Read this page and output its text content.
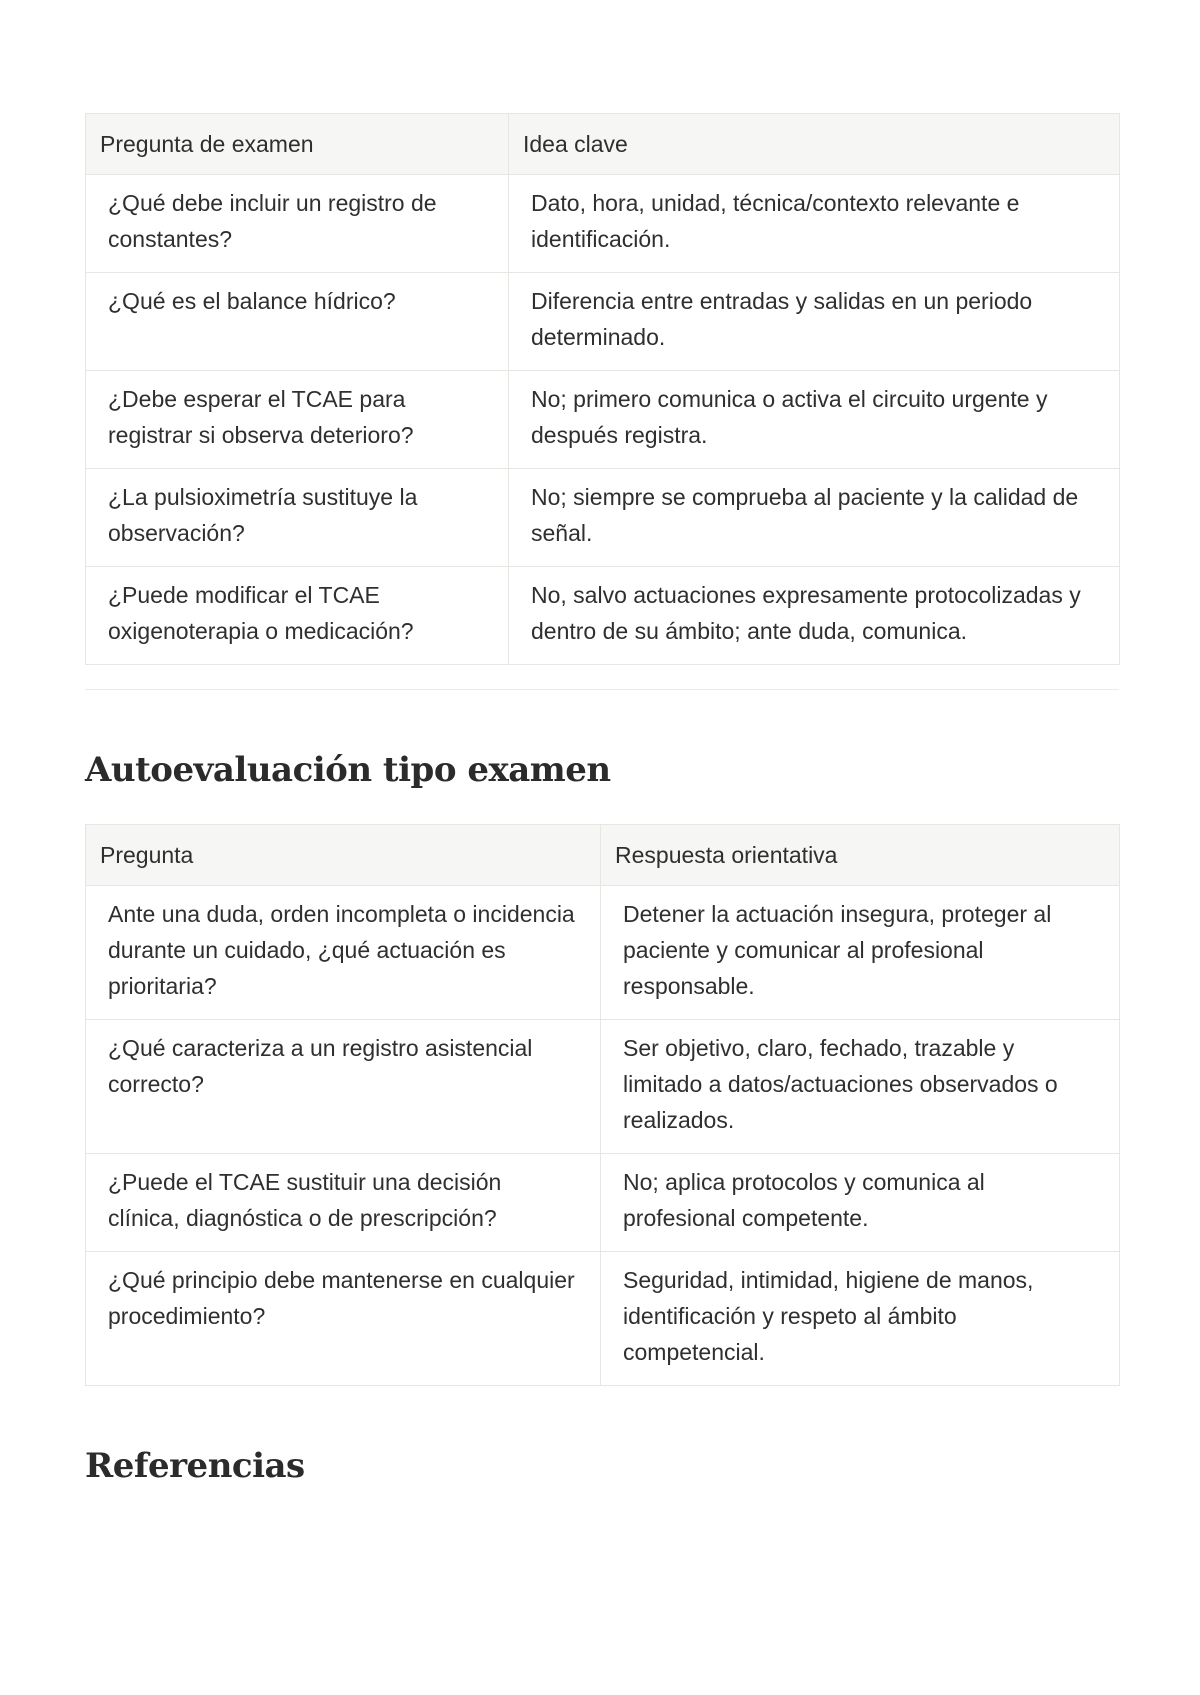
Pregunta de examen	Idea clave
¿Qué debe incluir un registro de constantes?	Dato, hora, unidad, técnica/contexto relevante e identificación.
¿Qué es el balance hídrico?	Diferencia entre entradas y salidas en un periodo determinado.
¿Debe esperar el TCAE para registrar si observa deterioro?	No; primero comunica o activa el circuito urgente y después registra.
¿La pulsioximetría sustituye la observación?	No; siempre se comprueba al paciente y la calidad de señal.
¿Puede modificar el TCAE oxigenoterapia o medicación?	No, salvo actuaciones expresamente protocolizadas y dentro de su ámbito; ante duda, comunica.
Autoevaluación tipo examen
Pregunta	Respuesta orientativa
Ante una duda, orden incompleta o incidencia durante un cuidado, ¿qué actuación es prioritaria?	Detener la actuación insegura, proteger al paciente y comunicar al profesional responsable.
¿Qué caracteriza a un registro asistencial correcto?	Ser objetivo, claro, fechado, trazable y limitado a datos/actuaciones observados o realizados.
¿Puede el TCAE sustituir una decisión clínica, diagnóstica o de prescripción?	No; aplica protocolos y comunica al profesional competente.
¿Qué principio debe mantenerse en cualquier procedimiento?	Seguridad, intimidad, higiene de manos, identificación y respeto al ámbito competencial.
Referencias
